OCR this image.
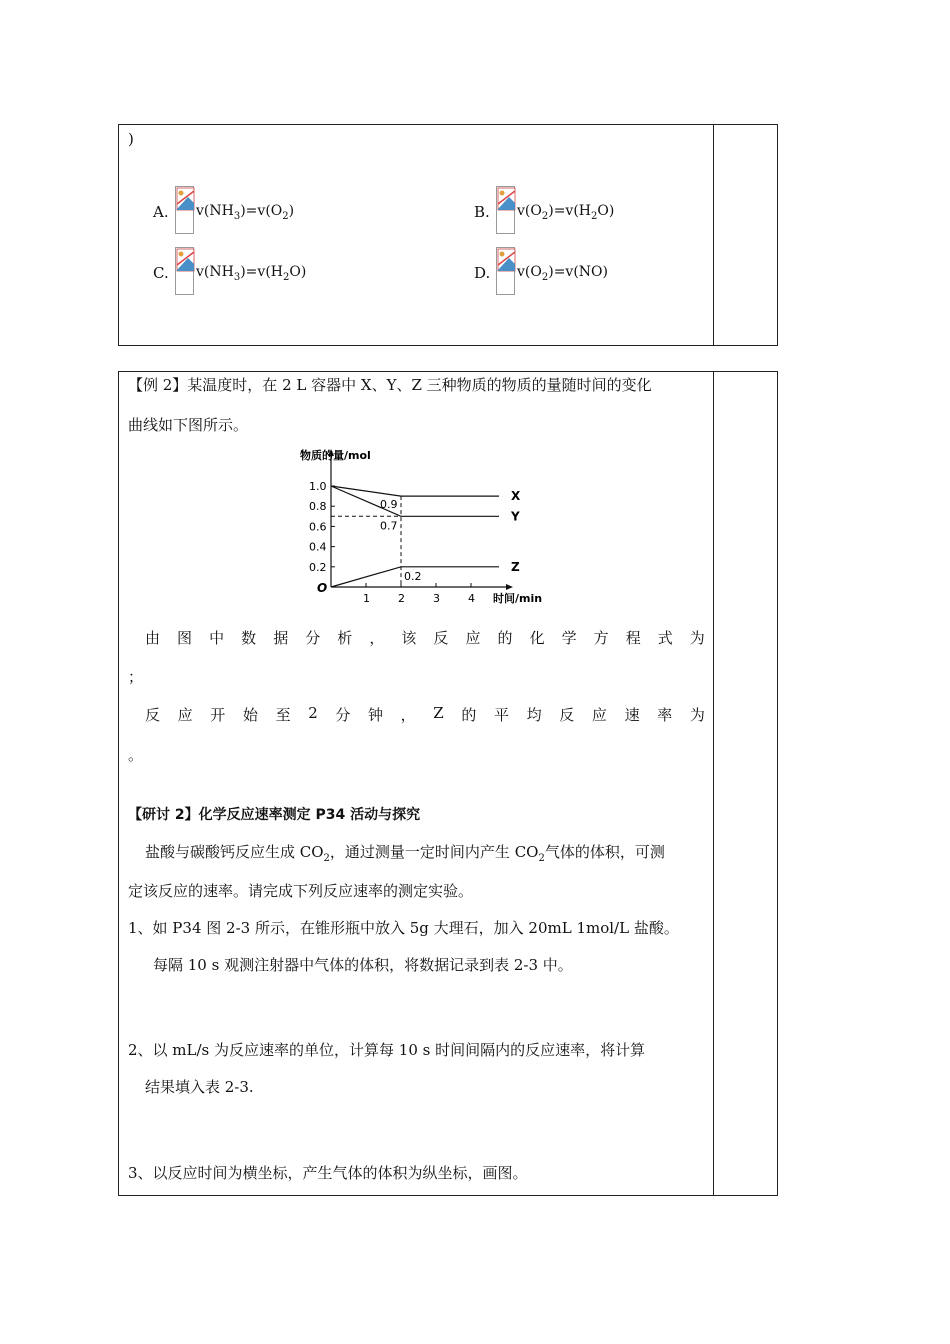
)
A.	$v(NH_3)=v(O_2)$	B.	$v(O_2)=v(H_2O)$
C.	$v(NH_3)=v(H_2O)$	D.	$v(O_2)=v(NO)$
【例 2】某温度时，在 2 L 容器中 X、Y、Z 三种物质的物质的量随时间的变化
曲线如下图所示。
物质的量/mol
时间/min
O
0.2
0.4
0.6
0.8
1.0
1	2	3	4
X
Y
Z
0.9
0.7
0.2
由 图 中 数 据 分 析 ， 该 反 应 的 化 学 方 程 式 为
；
反 应 开 始 至 2 分 钟 ， Z 的 平 均 反 应 速 率 为
。
【研讨 2】化学反应速率测定 P34 活动与探究
盐酸与碳酸钙反应生成 $CO_2$，通过测量一定时间内产生 $CO_2$气体的体积，可测
定该反应的速率。请完成下列反应速率的测定实验。
1、如 P34 图 2-3 所示，在锥形瓶中放入 5g 大理石，加入 20mL 1mol/L 盐酸。
每隔 10 s 观测注射器中气体的体积，将数据记录到表 2-3 中。
2、以 mL/s 为反应速率的单位，计算每 10 s 时间间隔内的反应速率，将计算
结果填入表 2-3.
3、以反应时间为横坐标，产生气体的体积为纵坐标，画图。
